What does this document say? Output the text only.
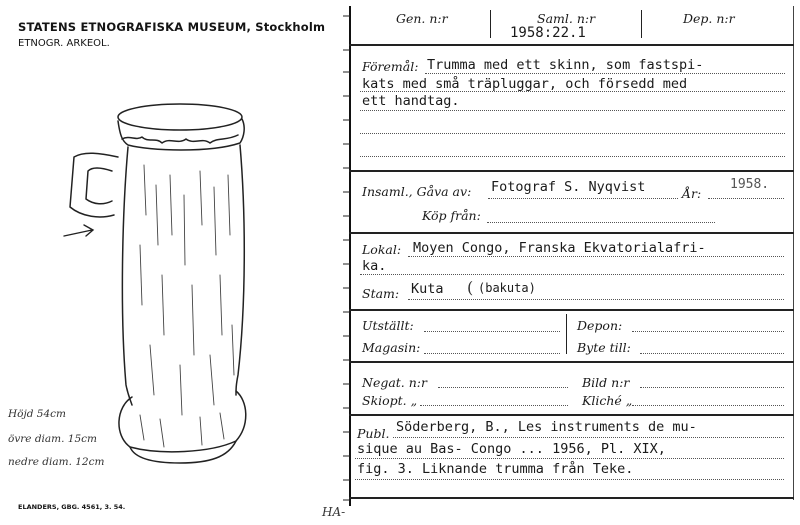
STATENS ETNOGRAFISKA MUSEUM, Stockholm
ETNOGR. ARKEOL.
Höjd 54cm
övre diam. 15cm
nedre diam. 12cm
ELANDERS, GBG. 4561, 3. 54.	HA-
Gen. n:r	Saml. n:r
1958:22.1
Dep. n:r
Föremål: Trumma med ett skinn, som fastspi-
kats med små träpluggar, och försedd med
ett handtag.
Insaml., Gåva av: Fotograf S. Nyqvist	År:
1958.
Köp från:
Lokal: Moyen Congo, Franska Ekvatorialafri-
ka.
Stam: Kuta ( (bakuta)
Utställt:	Depon:
Magasin:	Byte till:
Negat. n:r	Bild n:r
Skiopt. „	Kliché „
Publ. Söderberg, B., Les instruments de mu-
sique au Bas- Congo ... 1956, Pl. XIX,
fig. 3. Liknande trumma från Teke.
